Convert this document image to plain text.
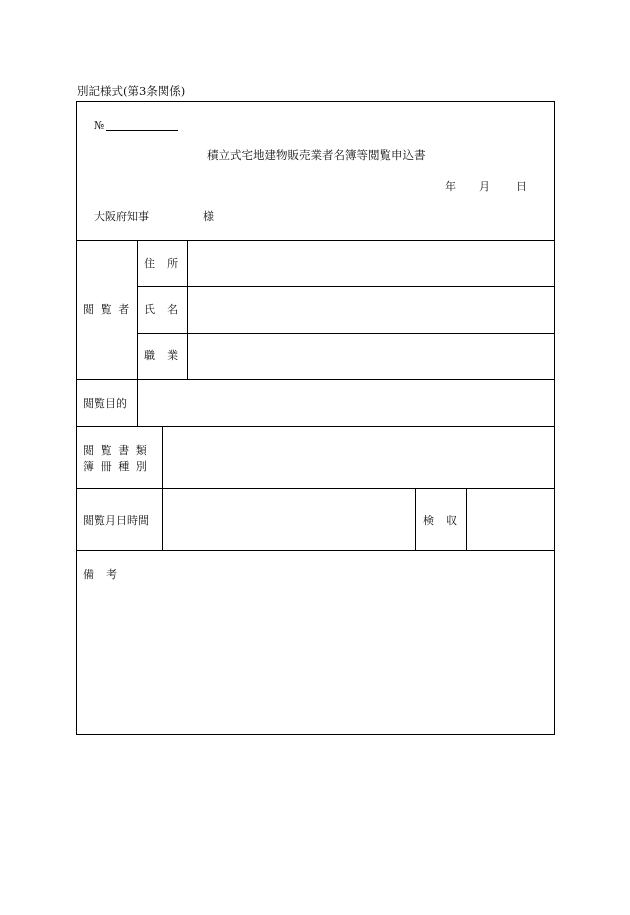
別記様式(第3条関係)
№
積立式宅地建物販売業者名簿等閲覧申込書
年 月 日
大阪府知事	様
閲覧者
住所
氏名
職業
閲覧目的
閲覧書類
簿冊種別
閲覧月日時間	検収
備考
